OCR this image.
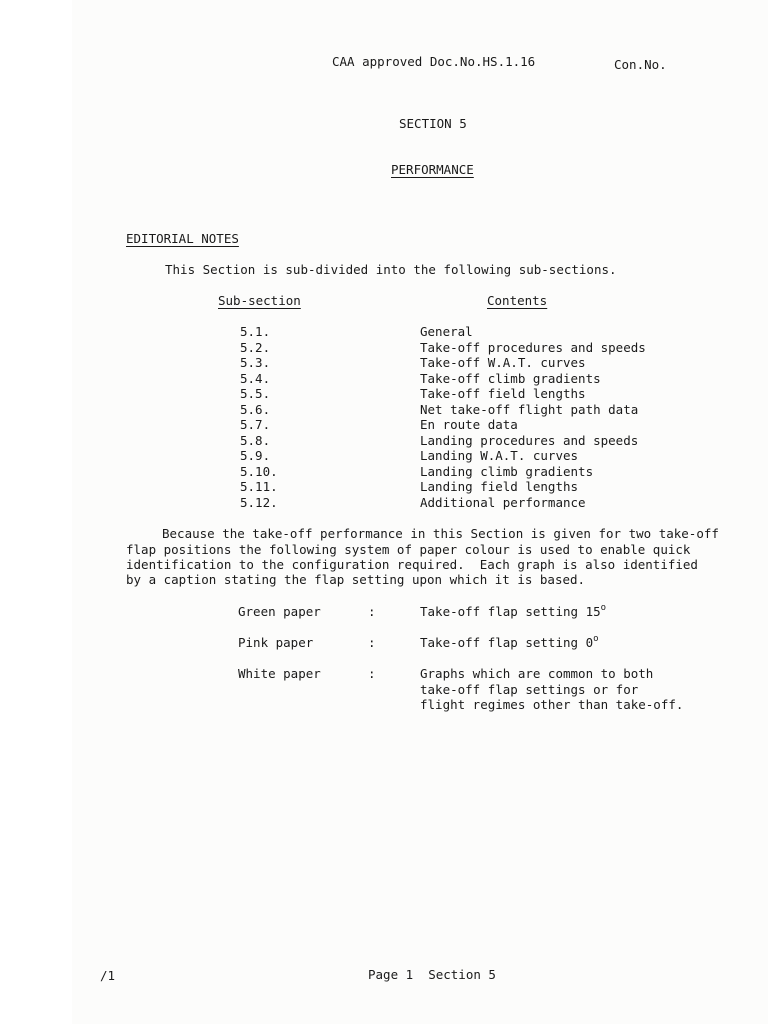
CAA approved Doc.No.HS.1.16	Con.No.
SECTION 5
PERFORMANCE
EDITORIAL NOTES
This Section is sub-divided into the following sub-sections.
Sub-section	Contents
5.1.	General
5.2.	Take-off procedures and speeds
5.3.	Take-off W.A.T. curves
5.4.	Take-off climb gradients
5.5.	Take-off field lengths
5.6.	Net take-off flight path data
5.7.	En route data
5.8.	Landing procedures and speeds
5.9.	Landing W.A.T. curves
5.10.	Landing climb gradients
5.11.	Landing field lengths
5.12.	Additional performance
Because the take-off performance in this Section is given for two take-off
flap positions the following system of paper colour is used to enable quick
identification to the configuration required.  Each graph is also identified
by a caption stating the flap setting upon which it is based.
Green paper	:	Take-off flap setting 15$^o$
Pink paper	:	Take-off flap setting 0$^o$
White paper	:	Graphs which are common to both
take-off flap settings or for
flight regimes other than take-off.
/1	Page 1  Section 5
